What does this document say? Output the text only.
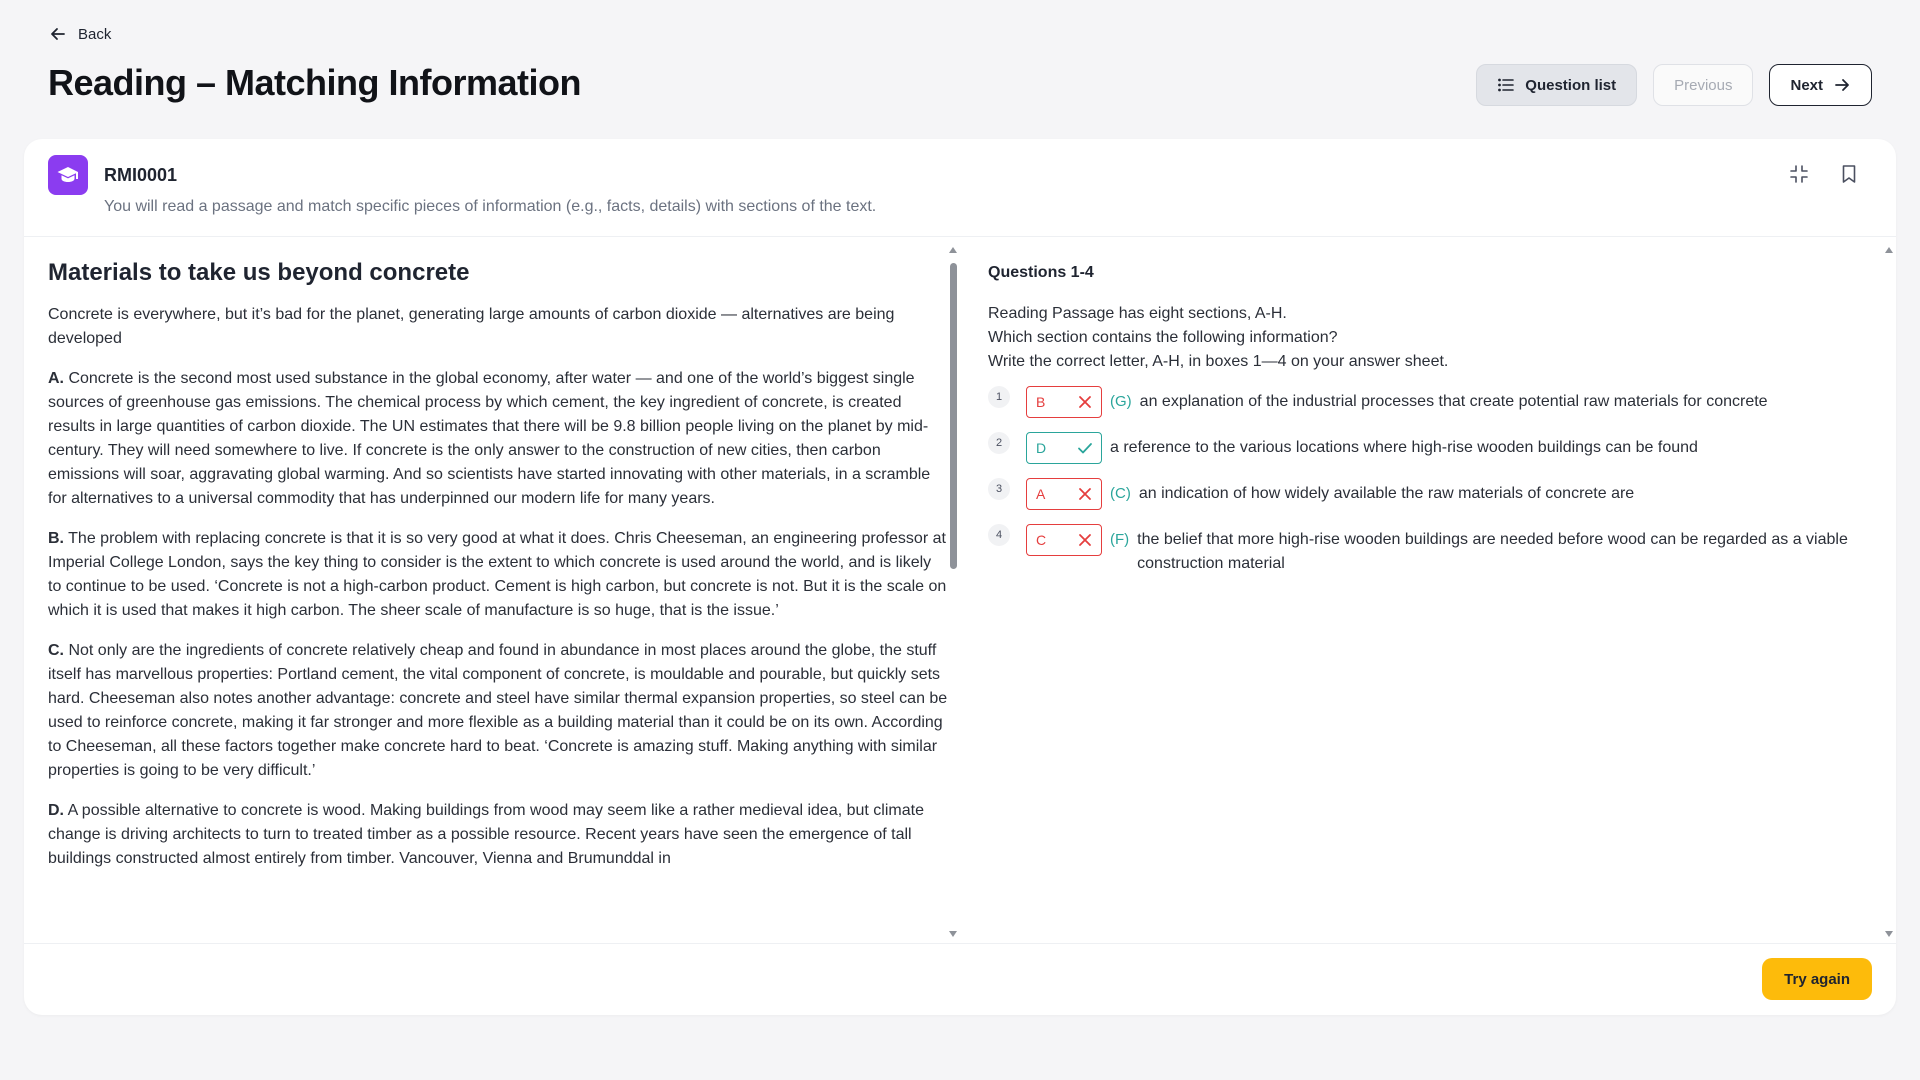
Back
Reading – Matching Information	Question list	Previous	Next
RMI0001
You will read a passage and match specific pieces of information (e.g., facts, details) with sections of the text.
Materials to take us beyond concrete

Concrete is everywhere, but it’s bad for the planet, generating large amounts of carbon dioxide — alternatives are being developed

A. Concrete is the second most used substance in the global economy, after water — and one of the world’s biggest single sources of greenhouse gas emissions. The chemical process by which cement, the key ingredient of concrete, is created results in large quantities of carbon dioxide. The UN estimates that there will be 9.8 billion people living on the planet by mid-century. They will need somewhere to live. If concrete is the only answer to the construction of new cities, then carbon emissions will soar, aggravating global warming. And so scientists have started innovating with other materials, in a scramble for alternatives to a universal commodity that has underpinned our modern life for many years.

B. The problem with replacing concrete is that it is so very good at what it does. Chris Cheeseman, an engineering professor at Imperial College London, says the key thing to consider is the extent to which concrete is used around the world, and is likely to continue to be used. ‘Concrete is not a high-carbon product. Cement is high carbon, but concrete is not. But it is the scale on which it is used that makes it high carbon. The sheer scale of manufacture is so huge, that is the issue.’

C. Not only are the ingredients of concrete relatively cheap and found in abundance in most places around the globe, the stuff itself has marvellous properties: Portland cement, the vital component of concrete, is mouldable and pourable, but quickly sets hard. Cheeseman also notes another advantage: concrete and steel have similar thermal expansion properties, so steel can be used to reinforce concrete, making it far stronger and more flexible as a building material than it could be on its own. According to Cheeseman, all these factors together make concrete hard to beat. ‘Concrete is amazing stuff. Making anything with similar properties is going to be very difficult.’

D. A possible alternative to concrete is wood. Making buildings from wood may seem like a rather medieval idea, but climate change is driving architects to turn to treated timber as a possible resource. Recent years have seen the emergence of tall buildings constructed almost entirely from timber. Vancouver, Vienna and Brumunddal in

Questions 1-4

Reading Passage has eight sections, A-H.

Which section contains the following information?

Write the correct letter, A-H, in boxes 1—4 on your answer sheet.

1	B	(G) an explanation of the industrial processes that create potential raw materials for concrete
2	D	a reference to the various locations where high-rise wooden buildings can be found
3	A	(C) an indication of how widely available the raw materials of concrete are
4	C	(F) the belief that more high-rise wooden buildings are needed before wood can be regarded as a viable construction material
Try again
